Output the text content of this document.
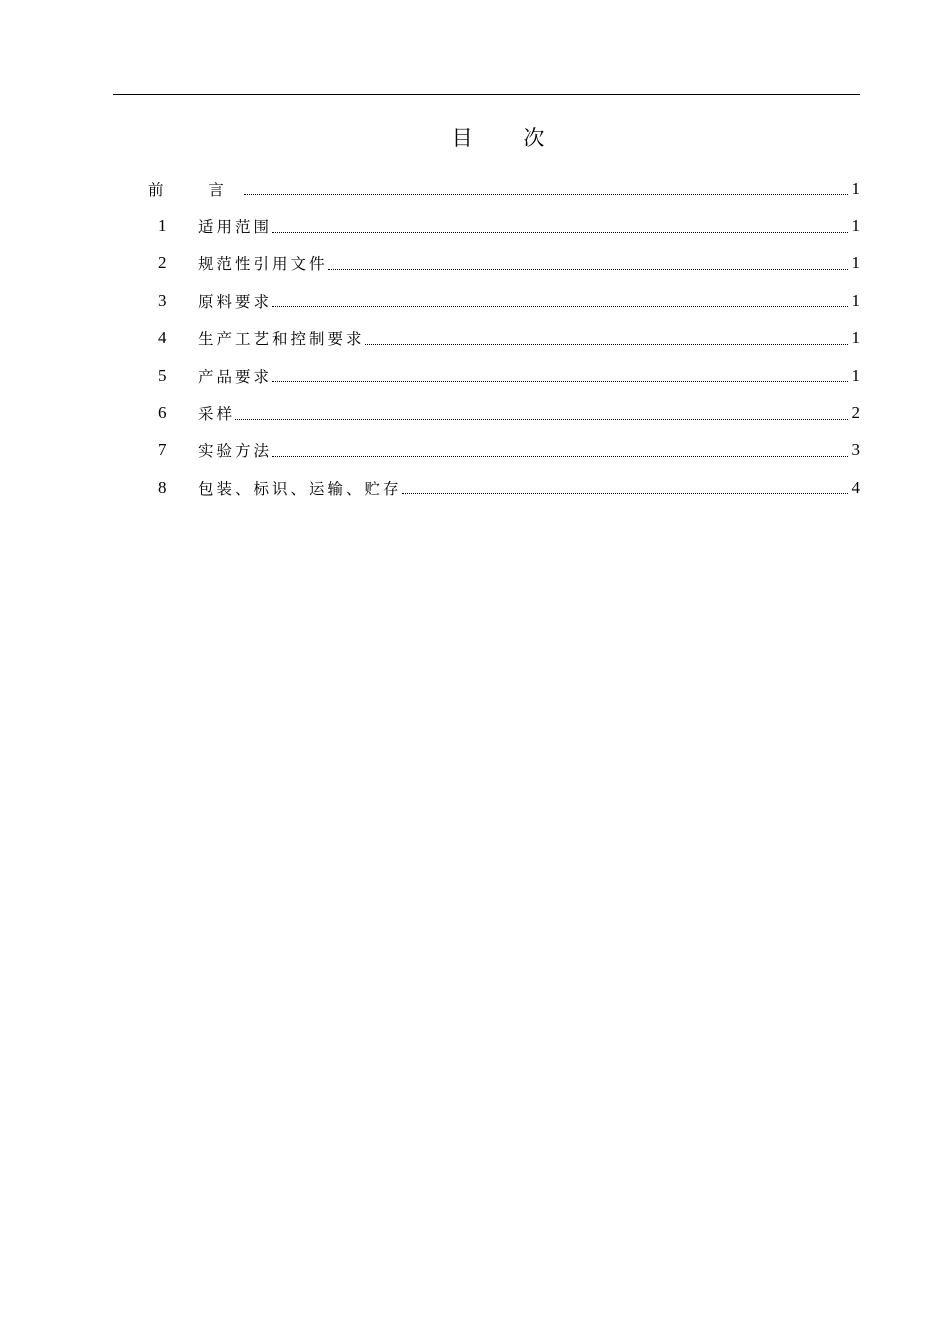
目 次
前 言	1
1	适用范围	1
2	规范性引用文件	1
3	原料要求	1
4	生产工艺和控制要求	1
5	产品要求	1
6	采样	2
7	实验方法	3
8	包装、标识、运输、贮存	4
